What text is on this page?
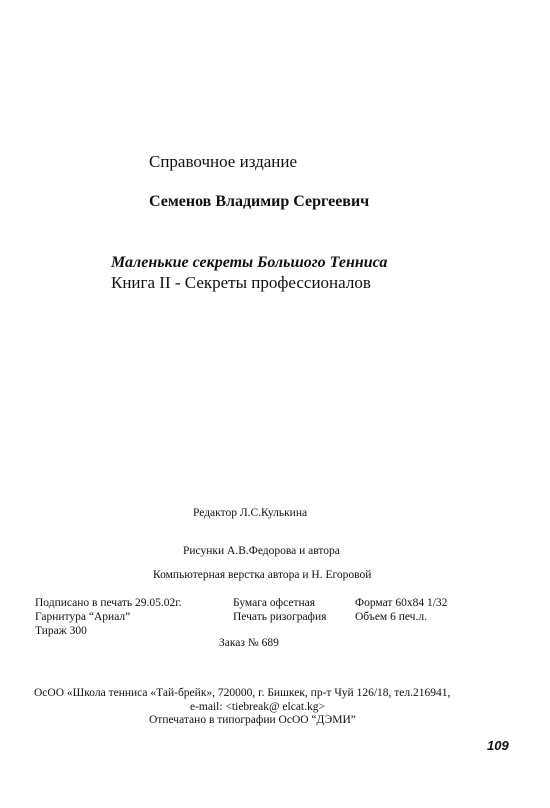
Справочное издание
Семенов Владимир Сергеевич
Маленькие секреты Большого Тенниса
Книга II - Секреты профессионалов
Редактор Л.С.Кулькина
Рисунки А.В.Федорова и автора
Компьютерная верстка автора и Н. Егоровой
Подписано в печать 29.05.02г.
Гарнитура “Ариал”
Тираж 300
Бумага офсетная
Печать ризография
Формат 60х84 1/32
Объем 6 печ.л.
Заказ № 689
ОсОО «Школа тенниса «Тай-брейк», 720000, г. Бишкек, пр-т Чуй 126/18, тел.216941,
e-mail: <tiebreak@ elcat.kg>
Отпечатано в типографии ОсОО “ДЭМИ”
109
